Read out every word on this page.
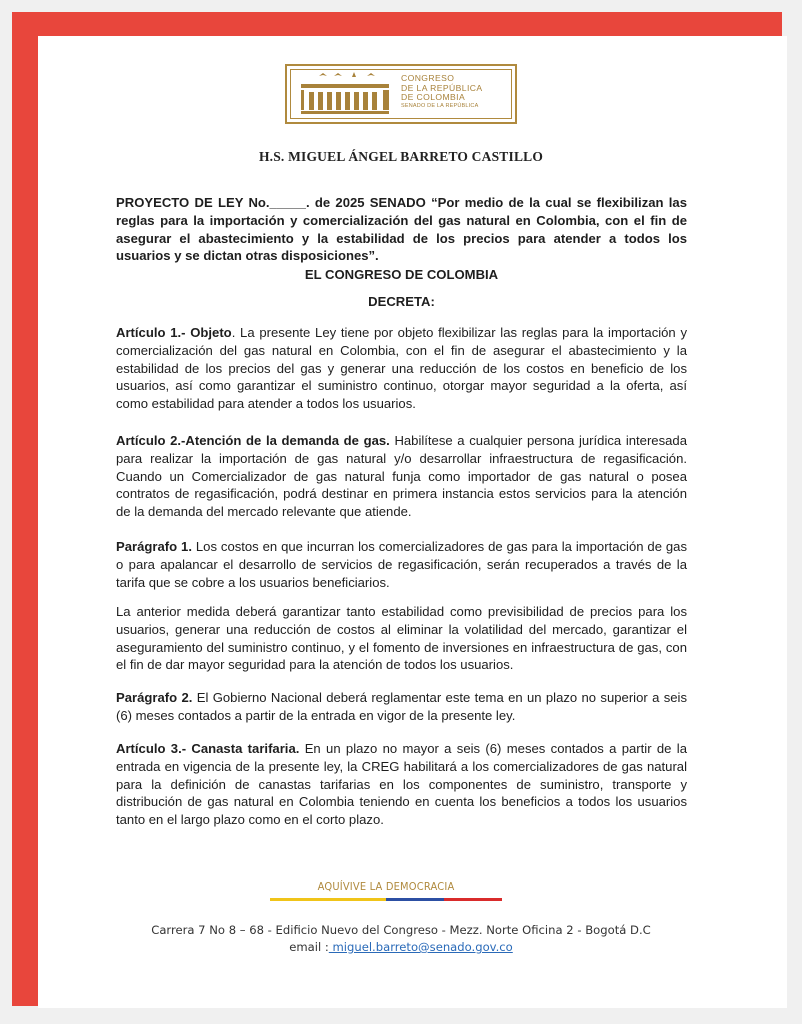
CONGRESO
DE LA REPÚBLICA
DE COLOMBIA
SENADO DE LA REPÚBLICA
H.S. MIGUEL ÁNGEL BARRETO CASTILLO

PROYECTO DE LEY No._____. de 2025 SENADO “Por medio de la cual se flexibilizan las reglas para la importación y comercialización del gas natural en Colombia, con el fin de asegurar el abastecimiento y la estabilidad de los precios para atender a todos los usuarios y se dictan otras disposiciones”.

EL CONGRESO DE COLOMBIA
DECRETA:

Artículo 1.- Objeto. La presente Ley tiene por objeto flexibilizar las reglas para la importación y comercialización del gas natural en Colombia, con el fin de asegurar el abastecimiento y la estabilidad de los precios del gas y generar una reducción de los costos en beneficio de los usuarios, así como garantizar el suministro continuo, otorgar mayor seguridad a la oferta, así como estabilidad para atender a todos los usuarios.

Artículo 2.-Atención de la demanda de gas. Habilítese a cualquier persona jurídica interesada para realizar la importación de gas natural y/o desarrollar infraestructura de regasificación. Cuando un Comercializador de gas natural funja como importador de gas natural o posea contratos de regasificación, podrá destinar en primera instancia estos servicios para la atención de la demanda del mercado relevante que atiende.

Parágrafo 1. Los costos en que incurran los comercializadores de gas para la importación de gas o para apalancar el desarrollo de servicios de regasificación, serán recuperados a través de la tarifa que se cobre a los usuarios beneficiarios.

La anterior medida deberá garantizar tanto estabilidad como previsibilidad de precios para los usuarios, generar una reducción de costos al eliminar la volatilidad del mercado, garantizar el aseguramiento del suministro continuo, y el fomento de inversiones en infraestructura de gas, con el fin de dar mayor seguridad para la atención de todos los usuarios.

Parágrafo 2. El Gobierno Nacional deberá reglamentar este tema en un plazo no superior a seis (6) meses contados a partir de la entrada en vigor de la presente ley.

Artículo 3.- Canasta tarifaria. En un plazo no mayor a seis (6) meses contados a partir de la entrada en vigencia de la presente ley, la CREG habilitará a los comercializadores de gas natural para la definición de canastas tarifarias en los componentes de suministro, transporte y distribución de gas natural en Colombia teniendo en cuenta los beneficios a todos los usuarios tanto en el largo plazo como en el corto plazo.

AQUÍVIVE LA DEMOCRACIA
Carrera 7 No 8 – 68 - Edificio Nuevo del Congreso - Mezz. Norte Oficina 2 - Bogotá D.C
email : miguel.barreto@senado.gov.co
